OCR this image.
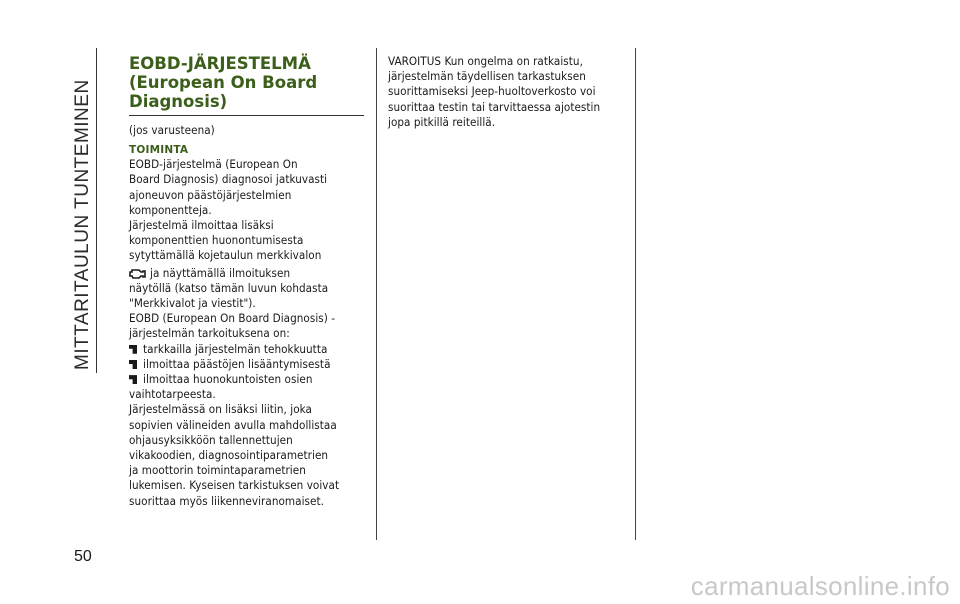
MITTARITAULUN TUNTEMINEN
50
EOBD-JÄRJESTELMÄ
(European On Board
Diagnosis)

(jos varusteena)

TOIMINTA

EOBD-järjestelmä (European On
Board Diagnosis) diagnosoi jatkuvasti
ajoneuvon päästöjärjestelmien
komponentteja.

Järjestelmä ilmoittaa lisäksi
komponenttien huonontumisesta
sytyttämällä kojetaulun merkkivalon

ja näyttämällä ilmoituksen

näytöllä (katso tämän luvun kohdasta
"Merkkivalot ja viestit").

EOBD (European On Board Diagnosis) -
järjestelmän tarkoituksena on:

tarkkailla järjestelmän tehokkuutta
ilmoittaa päästöjen lisääntymisestä
ilmoittaa huonokuntoisten osien

vaihtotarpeesta.

Järjestelmässä on lisäksi liitin, joka
sopivien välineiden avulla mahdollistaa
ohjausyksikköön tallennettujen
vikakoodien, diagnosointiparametrien
ja moottorin toimintaparametrien
lukemisen. Kyseisen tarkistuksen voivat
suorittaa myös liikenneviranomaiset.

VAROITUS Kun ongelma on ratkaistu,
järjestelmän täydellisen tarkastuksen
suorittamiseksi Jeep-huoltoverkosto voi
suorittaa testin tai tarvittaessa ajotestin
jopa pitkillä reiteillä.

carmanualsonline.info
